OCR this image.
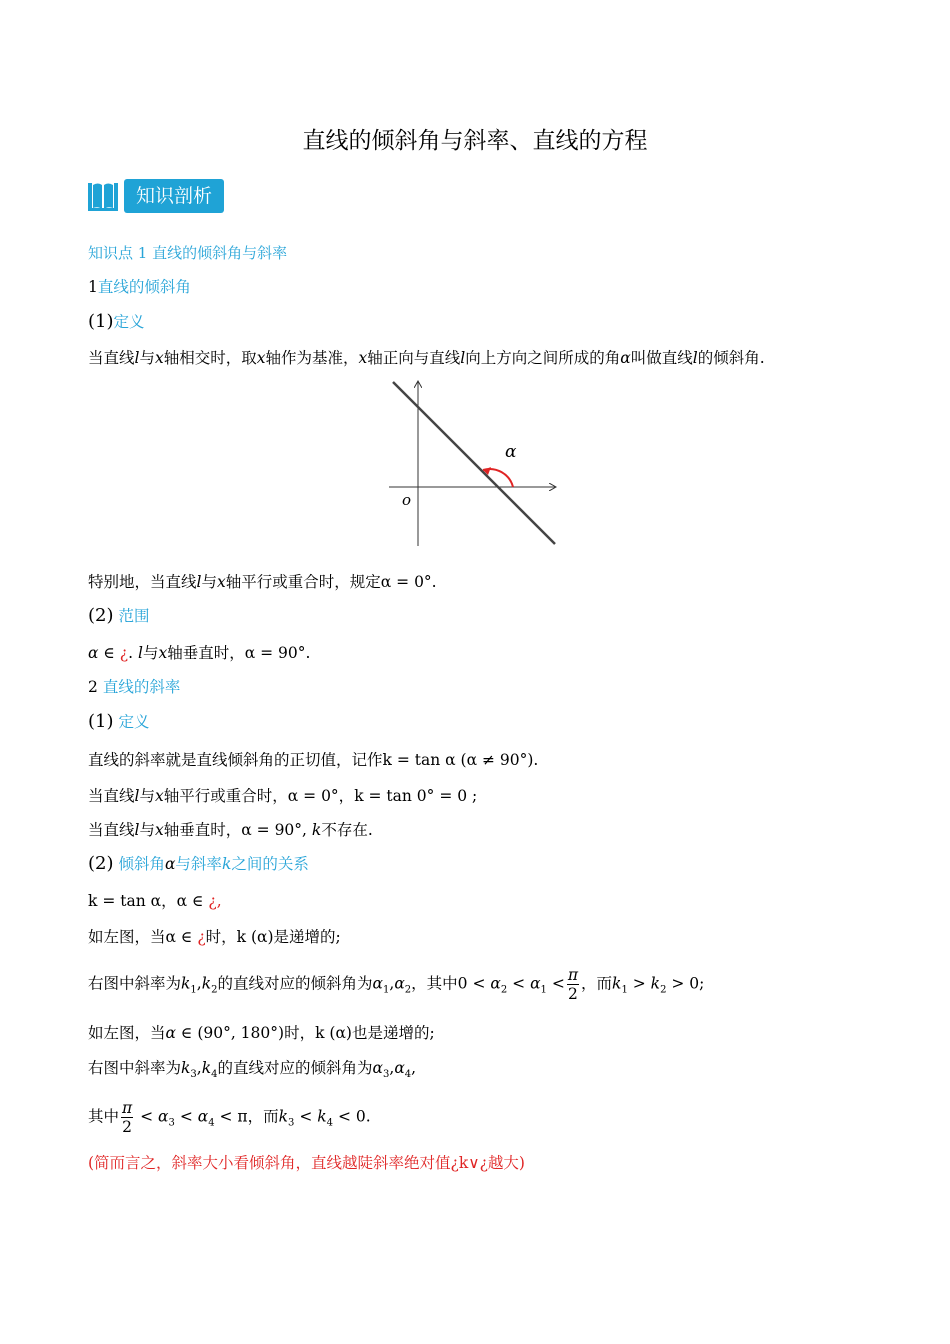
直线的倾斜角与斜率、直线的方程
知识剖析
知识点 1 直线的倾斜角与斜率
1直线的倾斜角
(1)定义
当直线l与x轴相交时，取x轴作为基准，x轴正向与直线l向上方向之间所成的角α叫做直线l的倾斜角.
α
o
特别地，当直线l与x轴平行或重合时，规定α = 0°.
(2) 范围
α ∈ ¿. l与x轴垂直时，α = 90°.
2 直线的斜率
(1) 定义
直线的斜率就是直线倾斜角的正切值，记作k = tan α (α ≠ 90°).
当直线l与x轴平行或重合时，α = 0°，k = tan 0° = 0 ;
当直线l与x轴垂直时，α = 90°, k不存在.
(2) 倾斜角α与斜率k之间的关系
k = tan α，α ∈ ¿,
如左图，当α ∈ ¿时，k (α)是递增的;
右图中斜率为$k_1,k_2$的直线对应的倾斜角为$\alpha_1,\alpha_2$，其中$0 < \alpha_2 < \alpha_1 < \frac{\pi}{2}$ ，而$k_1 > k_2 > 0$;
如左图，当α ∈ (90°, 180°)时，k (α)也是递增的;
右图中斜率为$k_3,k_4$的直线对应的倾斜角为$\alpha_3,\alpha_4$,
其中 $\frac{\pi}{2} < \alpha_3 < \alpha_4 < \pi$，而$k_3 < k_4 < 0$.
(简而言之，斜率大小看倾斜角，直线越陡斜率绝对值¿k∨¿越大)
